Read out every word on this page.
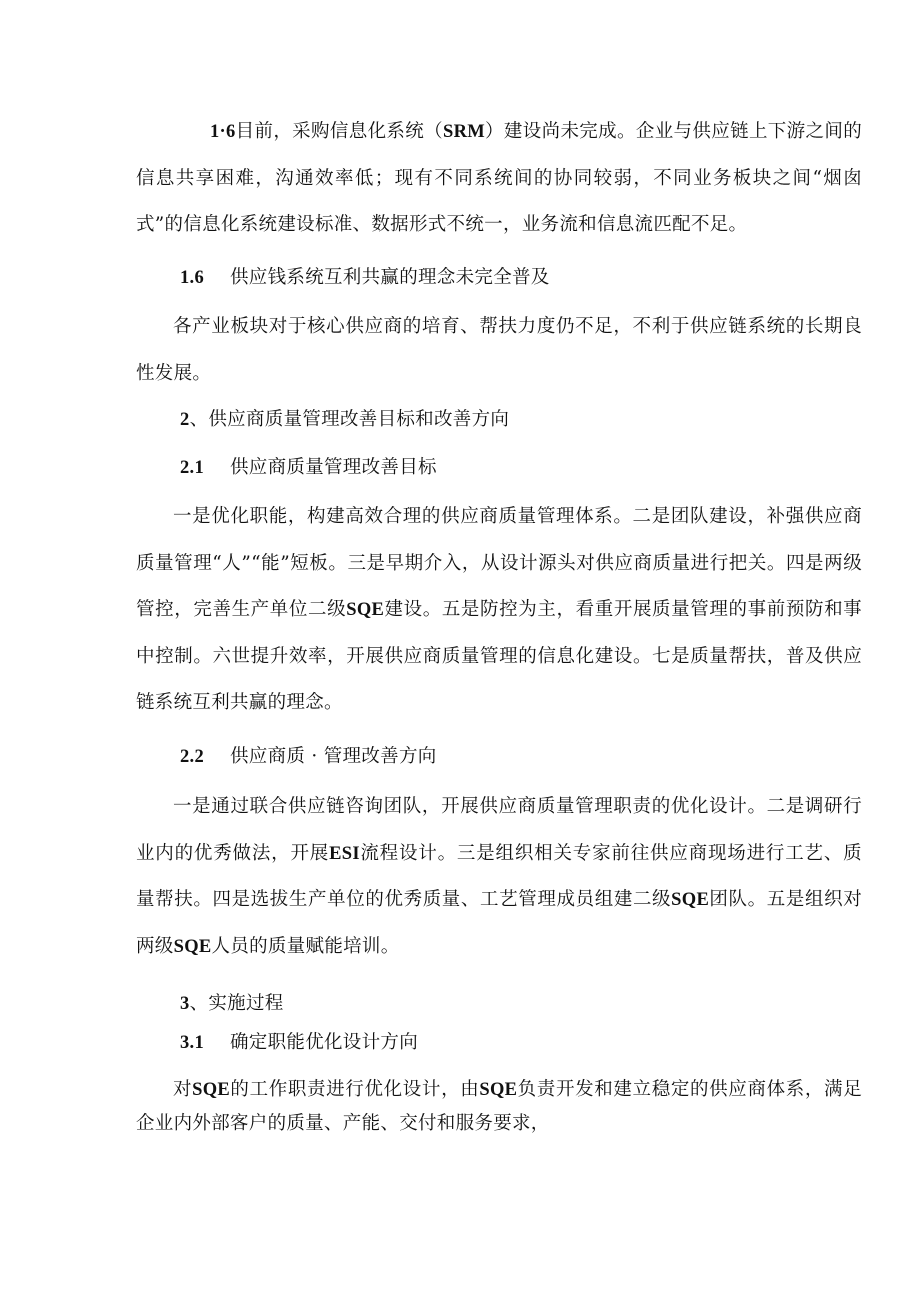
1·6目前，采购信息化系统（SRM）建设尚未完成。企业与供应链上下游之间的信息共享困难，沟通效率低；现有不同系统间的协同较弱，不同业务板块之间“烟囱式”的信息化系统建设标准、数据形式不统一，业务流和信息流匹配不足。

1.6 供应钱系统互利共赢的理念未完全普及

各产业板块对于核心供应商的培育、帮扶力度仍不足，不利于供应链系统的长期良性发展。

2、供应商质量管理改善目标和改善方向
2.1 供应商质量管理改善目标

一是优化职能，构建高效合理的供应商质量管理体系。二是团队建设，补强供应商质量管理“人”“能”短板。三是早期介入，从设计源头对供应商质量进行把关。四是两级管控，完善生产单位二级SQE建设。五是防控为主，看重开展质量管理的事前预防和事中控制。六世提升效率，开展供应商质量管理的信息化建设。七是质量帮扶，普及供应链系统互利共赢的理念。

2.2 供应商质 · 管理改善方向

一是通过联合供应链咨询团队，开展供应商质量管理职责的优化设计。二是调研行业内的优秀做法，开展ESI流程设计。三是组织相关专家前往供应商现场进行工艺、质量帮扶。四是选拔生产单位的优秀质量、工艺管理成员组建二级SQE团队。五是组织对两级SQE人员的质量赋能培训。

3、实施过程
3.1 确定职能优化设计方向

对SQE的工作职责进行优化设计，由SQE负责开发和建立稳定的供应商体系，满足企业内外部客户的质量、产能、交付和服务要求，
